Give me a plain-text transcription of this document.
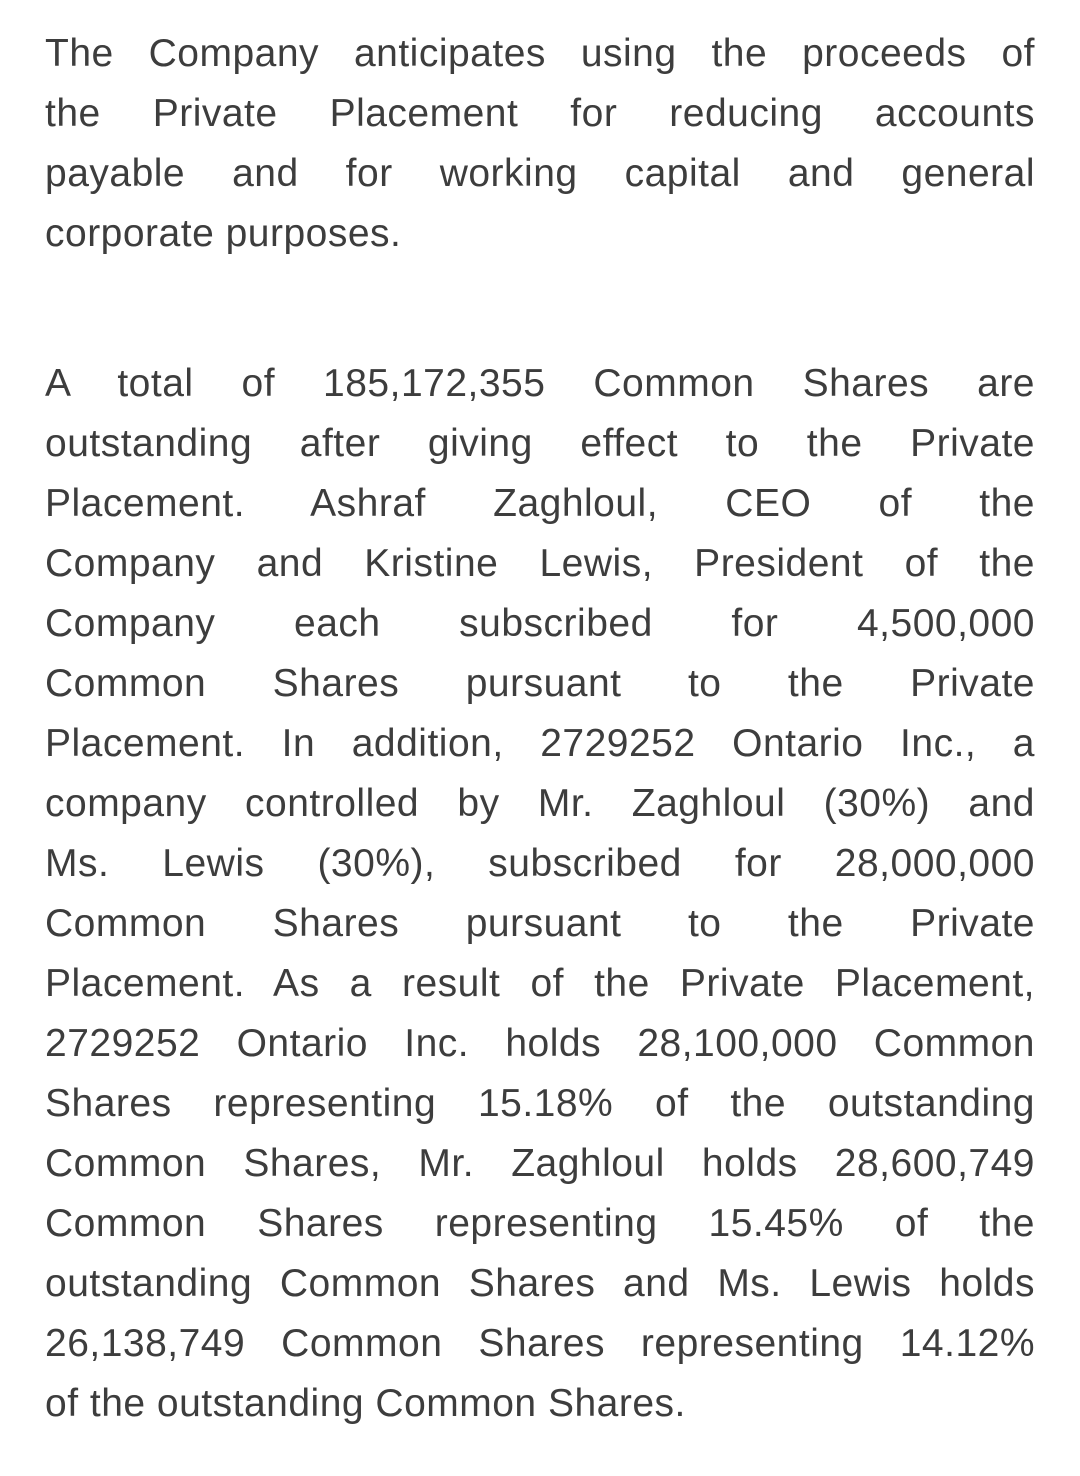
The Company anticipates using the proceeds of
the Private Placement for reducing accounts
payable and for working capital and general
corporate purposes.
A total of 185,172,355 Common Shares are
outstanding after giving effect to the Private
Placement. Ashraf Zaghloul, CEO of the
Company and Kristine Lewis, President of the
Company each subscribed for 4,500,000
Common Shares pursuant to the Private
Placement. In addition, 2729252 Ontario Inc., a
company controlled by Mr. Zaghloul (30%) and
Ms. Lewis (30%), subscribed for 28,000,000
Common Shares pursuant to the Private
Placement. As a result of the Private Placement,
2729252 Ontario Inc. holds 28,100,000 Common
Shares representing 15.18% of the outstanding
Common Shares, Mr. Zaghloul holds 28,600,749
Common Shares representing 15.45% of the
outstanding Common Shares and Ms. Lewis holds
26,138,749 Common Shares representing 14.12%
of the outstanding Common Shares.
